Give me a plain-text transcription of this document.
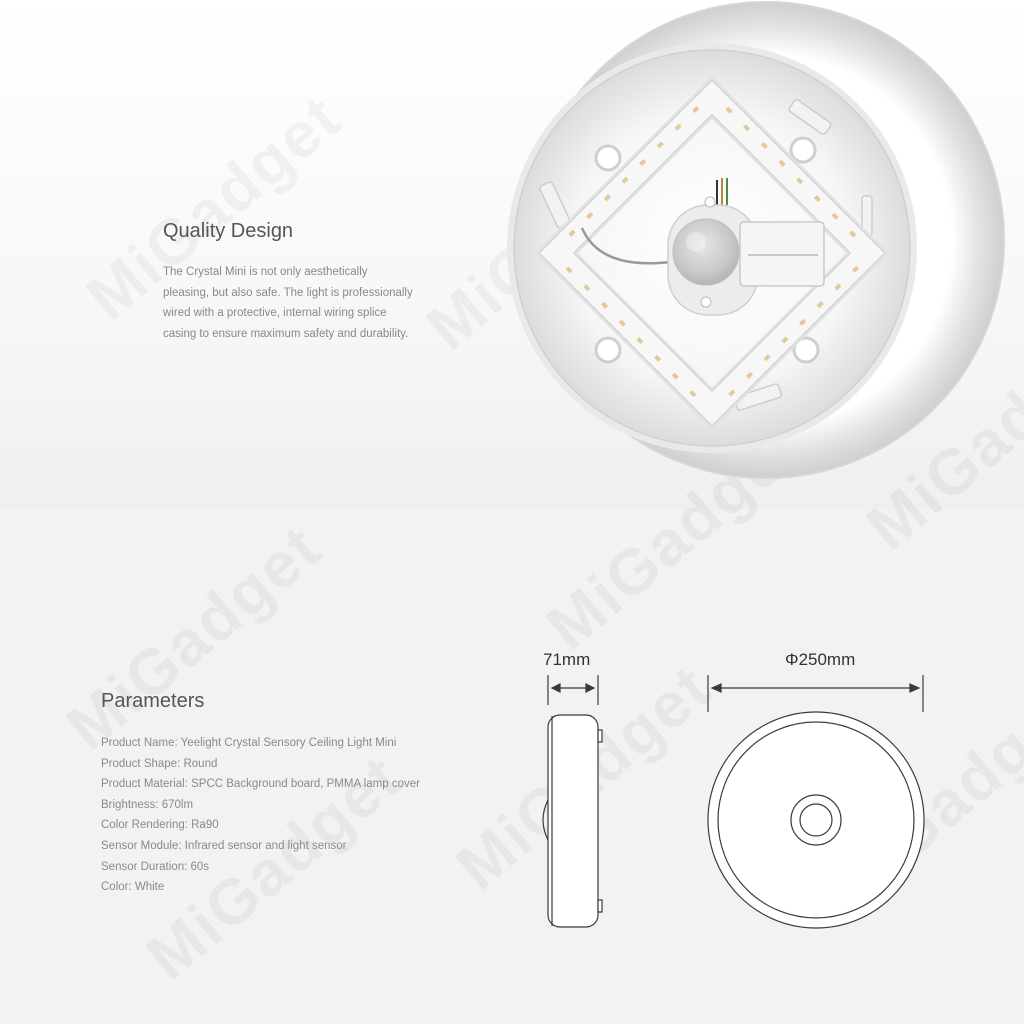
Quality Design

The Crystal Mini is not only aesthetically pleasing, but also safe. The light is professionally wired with a protective, internal wiring splice casing to ensure maximum safety and durability.

Parameters
Product Name: Yeelight Crystal Sensory Ceiling Light Mini
Product Shape: Round
Product Material: SPCC Background board, PMMA lamp cover
Brightness: 670lm
Color Rendering: Ra90
Sensor Module: Infrared sensor and light sensor
Sensor Duration: 60s
Color: White
71mm	Φ250mm
